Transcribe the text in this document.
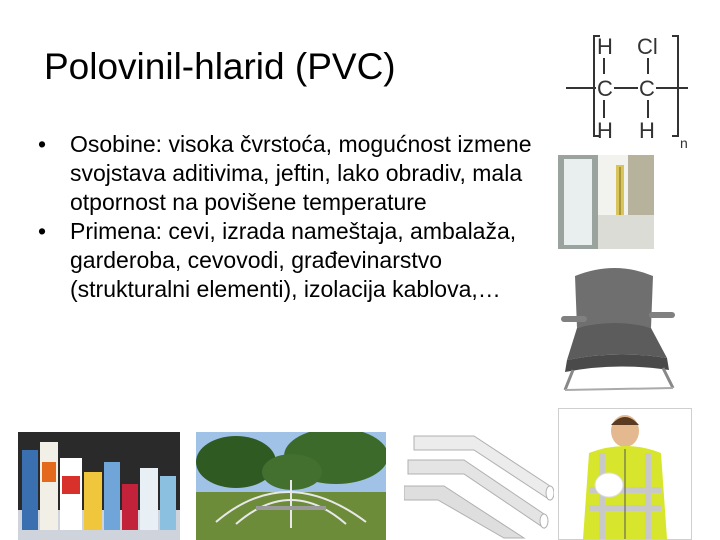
Polovinil-hlarid (PVC)
•	Osobine: visoka čvrstoća, mogućnost izmene svojstava aditivima, jeftin, lako obradiv, mala otpornost na povišene temperature
•	Primena: cevi, izrada nameštaja, ambalaža, garderoba, cevovodi, građevinarstvo (strukturalni elementi), izolacija kablova,…
H Cl
C C
H H n
